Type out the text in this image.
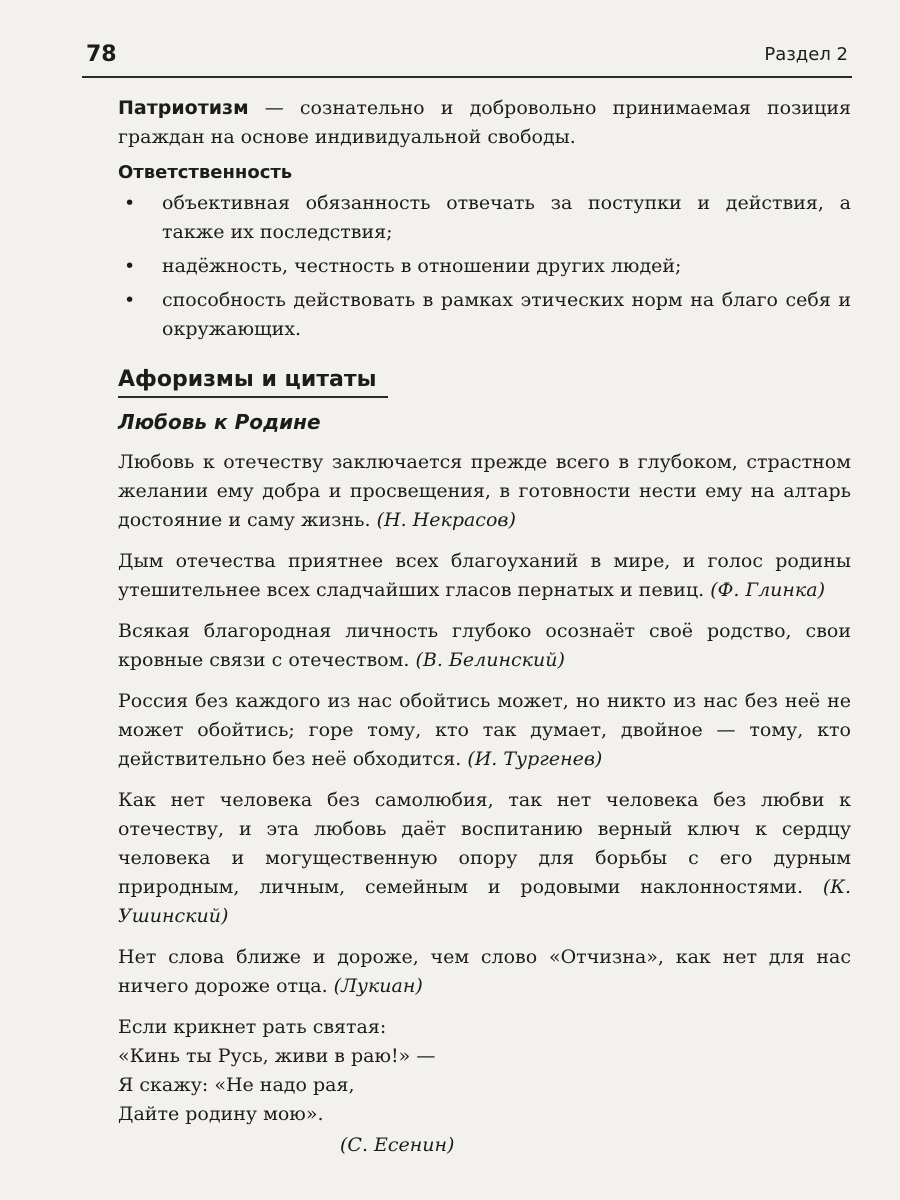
78	Раздел 2

Патриотизм — сознательно и добровольно принимаемая позиция граждан на основе индивидуальной свободы.

Ответственность
• объективная обязанность отвечать за поступки и действия, а также их последствия;
• надёжность, честность в отношении других людей;
• способность действовать в рамках этических норм на благо себя и окружающих.
Афоризмы и цитаты
Любовь к Родине

Любовь к отечеству заключается прежде всего в глубоком, страстном желании ему добра и просвещения, в готовности нести ему на алтарь достояние и саму жизнь. (Н. Некрасов)

Дым отечества приятнее всех благоуханий в мире, и голос родины утешительнее всех сладчайших гласов пернатых и певиц. (Ф. Глинка)

Всякая благородная личность глубоко осознаёт своё родство, свои кровные связи с отечеством. (В. Белинский)

Россия без каждого из нас обойтись может, но никто из нас без неё не может обойтись; горе тому, кто так думает, двойное — тому, кто действительно без неё обходится. (И. Тургенев)

Как нет человека без самолюбия, так нет человека без любви к отечеству, и эта любовь даёт воспитанию верный ключ к сердцу человека и могущественную опору для борьбы с его дурным природным, личным, семейным и родовыми наклонностями. (К. Ушинский)

Нет слова ближе и дороже, чем слово «Отчизна», как нет для нас ничего дороже отца. (Лукиан)

Если крикнет рать святая:
«Кинь ты Русь, живи в раю!» —
Я скажу: «Не надо рая,
Дайте родину мою».
(С. Есенин)
